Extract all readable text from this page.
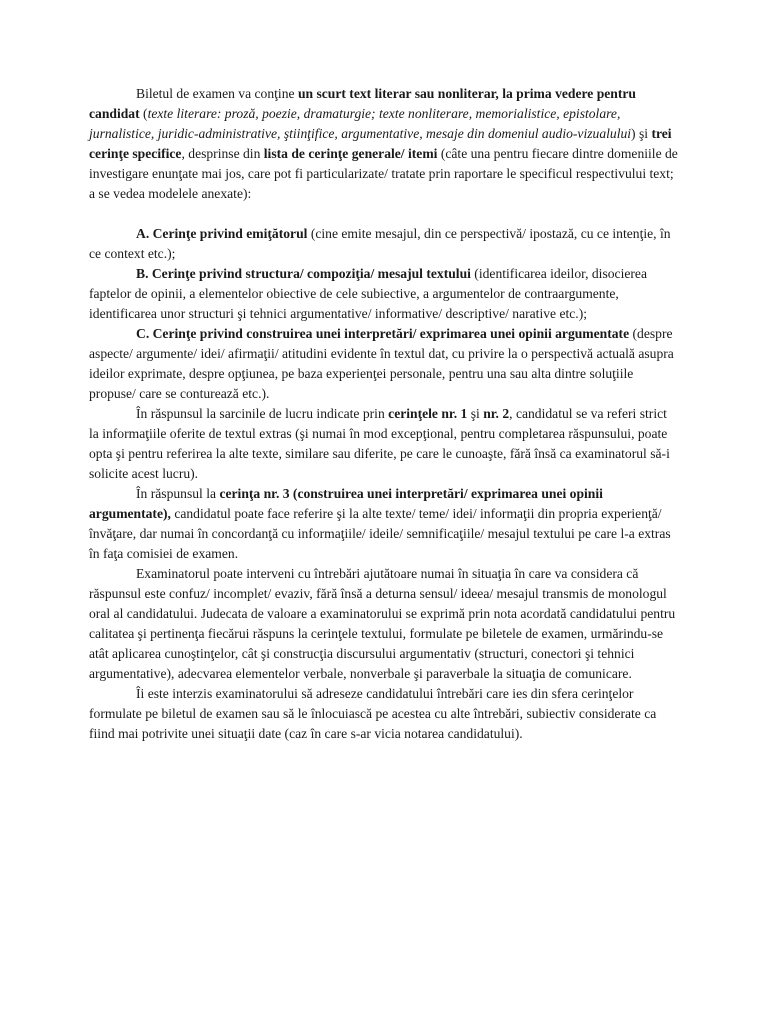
Biletul de examen va conţine un scurt text literar sau nonliterar, la prima vedere pentru candidat (texte literare: proză, poezie, dramaturgie; texte nonliterare, memorialistice, epistolare, jurnalistice, juridic-administrative, ştiinţifice, argumentative, mesaje din domeniul audio-vizualului) şi trei cerinţe specifice, desprinse din lista de cerinţe generale/ itemi (câte una pentru fiecare dintre domeniile de investigare enunţate mai jos, care pot fi particularizate/ tratate prin raportare le specificul respectivului text; a se vedea modelele anexate):

A. Cerinţe privind emiţătorul (cine emite mesajul, din ce perspectivă/ ipostază, cu ce intenţie, în ce context etc.);

B. Cerinţe privind structura/ compoziţia/ mesajul textului (identificarea ideilor, disocierea faptelor de opinii, a elementelor obiective de cele subiective, a argumentelor de contraargumente, identificarea unor structuri şi tehnici argumentative/ informative/ descriptive/ narative etc.);

C. Cerinţe privind construirea unei interpretări/ exprimarea unei opinii argumentate (despre aspecte/ argumente/ idei/ afirmaţii/ atitudini evidente în textul dat, cu privire la o perspectivă actuală asupra ideilor exprimate, despre opţiunea, pe baza experienţei personale, pentru una sau alta dintre soluţiile propuse/ care se conturează etc.).

În răspunsul la sarcinile de lucru indicate prin cerinţele nr. 1 şi nr. 2, candidatul se va referi strict la informaţiile oferite de textul extras (şi numai în mod excepţional, pentru completarea răspunsului, poate opta şi pentru referirea la alte texte, similare sau diferite, pe care le cunoaşte, fără însă ca examinatorul să-i solicite acest lucru).

În răspunsul la cerinţa nr. 3 (construirea unei interpretări/ exprimarea unei opinii argumentate), candidatul poate face referire şi la alte texte/ teme/ idei/ informaţii din propria experienţă/ învăţare, dar numai în concordanţă cu informaţiile/ ideile/ semnificaţiile/ mesajul textului pe care l-a extras în faţa comisiei de examen.

Examinatorul poate interveni cu întrebări ajutătoare numai în situaţia în care va considera că răspunsul este confuz/ incomplet/ evaziv, fără însă a deturna sensul/ ideea/ mesajul transmis de monologul oral al candidatului. Judecata de valoare a examinatorului se exprimă prin nota acordată candidatului pentru calitatea şi pertinenţa fiecărui răspuns la cerinţele textului, formulate pe biletele de examen, urmărindu-se atât aplicarea cunoştinţelor, cât şi construcţia discursului argumentativ (structuri, conectori şi tehnici argumentative), adecvarea elementelor verbale, nonverbale şi paraverbale la situaţia de comunicare.

Îi este interzis examinatorului să adreseze candidatului întrebări care ies din sfera cerinţelor formulate pe biletul de examen sau să le înlocuiască pe acestea cu alte întrebări, subiectiv considerate ca fiind mai potrivite unei situaţii date (caz în care s-ar vicia notarea candidatului).
